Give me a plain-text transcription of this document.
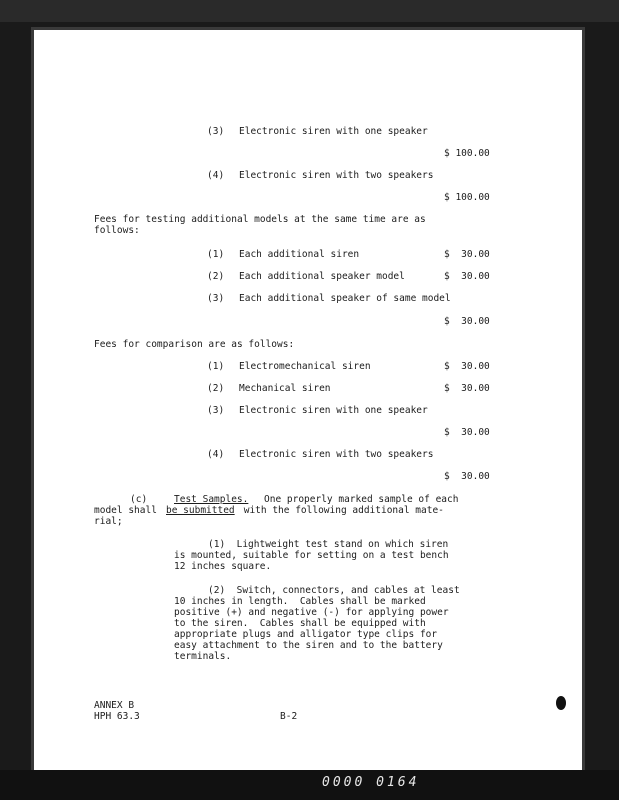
0000 0164
(3) Electronic siren with one speaker
$ 100.00
(4) Electronic siren with two speakers
$ 100.00
Fees for testing additional models at the same time are as
follows:
(1) Each additional siren	$  30.00
(2) Each additional speaker model	$  30.00
(3) Each additional speaker of same model
$  30.00
Fees for comparison are as follows:
(1) Electromechanical siren	$  30.00
(2) Mechanical siren	$  30.00
(3) Electronic siren with one speaker
$  30.00
(4) Electronic siren with two speakers
$  30.00
(c)	Test Samples. One properly marked sample of each
model shall be submitted with the following additional mate-
rial;
(1)  Lightweight test stand on which siren
is mounted, suitable for setting on a test bench
12 inches square.
(2)  Switch, connectors, and cables at least
10 inches in length.  Cables shall be marked
positive (+) and negative (-) for applying power
to the siren.  Cables shall be equipped with
appropriate plugs and alligator type clips for
easy attachment to the siren and to the battery
terminals.
ANNEX B
HPH 63.3	B-2
